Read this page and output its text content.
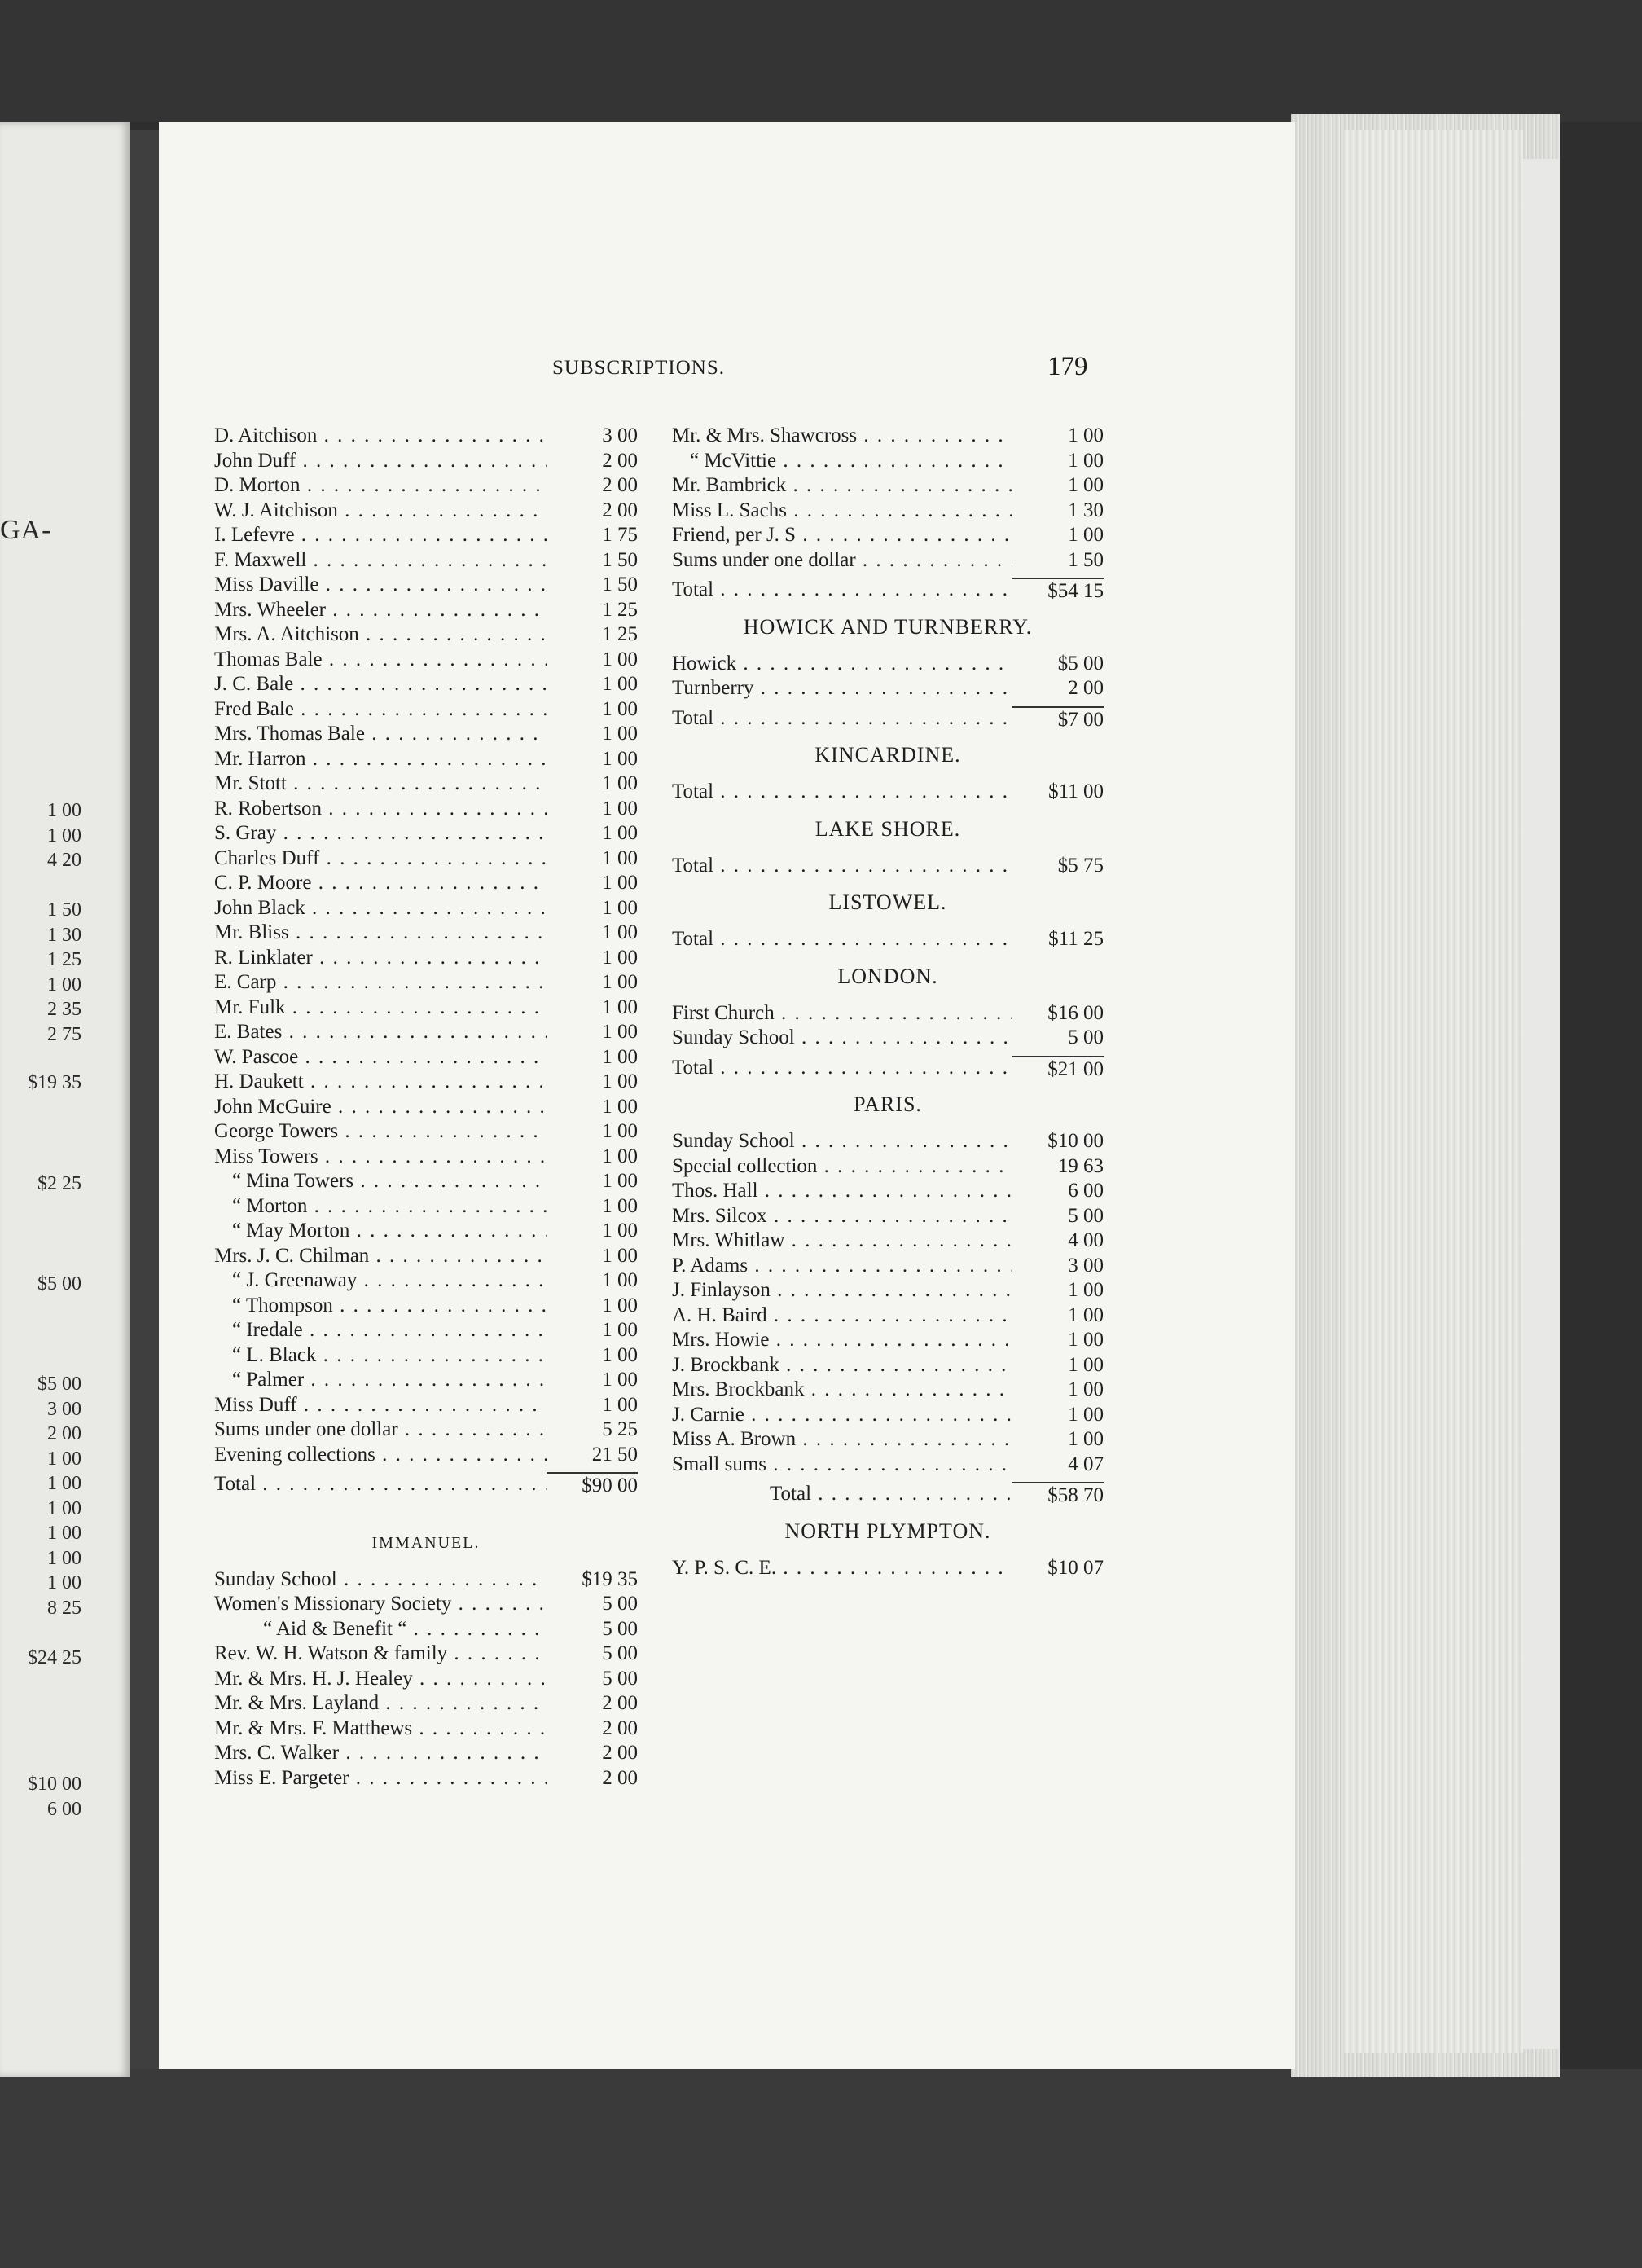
GA-
1 00
1 00
4 20
1 50
1 30
1 25
1 00
2 35
2 75
$19 35
$2 25
$5 00
$5 00
3 00
2 00
1 00
1 00
1 00
1 00
1 00
1 00
8 25
$24 25
$10 00
6 00
SUBSCRIPTIONS.	179
D. Aitchison . . .	3 00
John Duff . . .	2 00
D. Morton . . .	2 00
W. J. Aitchison . . .	2 00
I. Lefevre . . .	1 75
F. Maxwell . . .	1 50
Miss Daville . . .	1 50
Mrs. Wheeler . . .	1 25
Mrs. A. Aitchison . . .	1 25
Thomas Bale . . .	1 00
J. C. Bale . . .	1 00
Fred Bale . . .	1 00
Mrs. Thomas Bale . . .	1 00
Mr. Harron . . .	1 00
Mr. Stott . . .	1 00
R. Robertson . . .	1 00
S. Gray . . .	1 00
Charles Duff . . .	1 00
C. P. Moore . . .	1 00
John Black . . .	1 00
Mr. Bliss . . .	1 00
R. Linklater . . .	1 00
E. Carp . . .	1 00
Mr. Fulk . . .	1 00
E. Bates . . .	1 00
W. Pascoe . . .	1 00
H. Daukett . . .	1 00
John McGuire . . .	1 00
George Towers . . .	1 00
Miss Towers . . .	1 00
“ Mina Towers . . .	1 00
“ Morton . . .	1 00
“ May Morton . . .	1 00
Mrs. J. C. Chilman . . .	1 00
“ J. Greenaway . . .	1 00
“ Thompson . . .	1 00
“ Iredale . . .	1 00
“ L. Black . . .	1 00
“ Palmer . . .	1 00
Miss Duff . . .	1 00
Sums under one dollar . . .	5 25
Evening collections . . .	21 50
Total . . .	$90 00
IMMANUEL.
Sunday School . . .	$19 35
Women's Missionary Society . . .	5 00
“ Aid & Benefit “ . . .	5 00
Rev. W. H. Watson & family . . .	5 00
Mr. & Mrs. H. J. Healey . . .	5 00
Mr. & Mrs. Layland . . .	2 00
Mr. & Mrs. F. Matthews . . .	2 00
Mrs. C. Walker . . .	2 00
Miss E. Pargeter . . .	2 00
Mr. & Mrs. Shawcross . . .	1 00
“ McVittie . . .	1 00
Mr. Bambrick . . .	1 00
Miss L. Sachs . . .	1 30
Friend, per J. S . . .	1 00
Sums under one dollar . . .	1 50
Total . . .	$54 15
HOWICK AND TURNBERRY.
Howick . . .	$5 00
Turnberry . . .	2 00
Total . . .	$7 00
KINCARDINE.
Total . . .	$11 00
LAKE SHORE.
Total . . .	$5 75
LISTOWEL.
Total . . .	$11 25
LONDON.
First Church . . .	$16 00
Sunday School . . .	5 00
Total . . .	$21 00
PARIS.
Sunday School . . .	$10 00
Special collection . . .	19 63
Thos. Hall . . .	6 00
Mrs. Silcox . . .	5 00
Mrs. Whitlaw . . .	4 00
P. Adams . . .	3 00
J. Finlayson . . .	1 00
A. H. Baird . . .	1 00
Mrs. Howie . . .	1 00
J. Brockbank . . .	1 00
Mrs. Brockbank . . .	1 00
J. Carnie . . .	1 00
Miss A. Brown . . .	1 00
Small sums . . .	4 07
Total . . .	$58 70
NORTH PLYMPTON.
Y. P. S. C. E. . . .	$10 07
